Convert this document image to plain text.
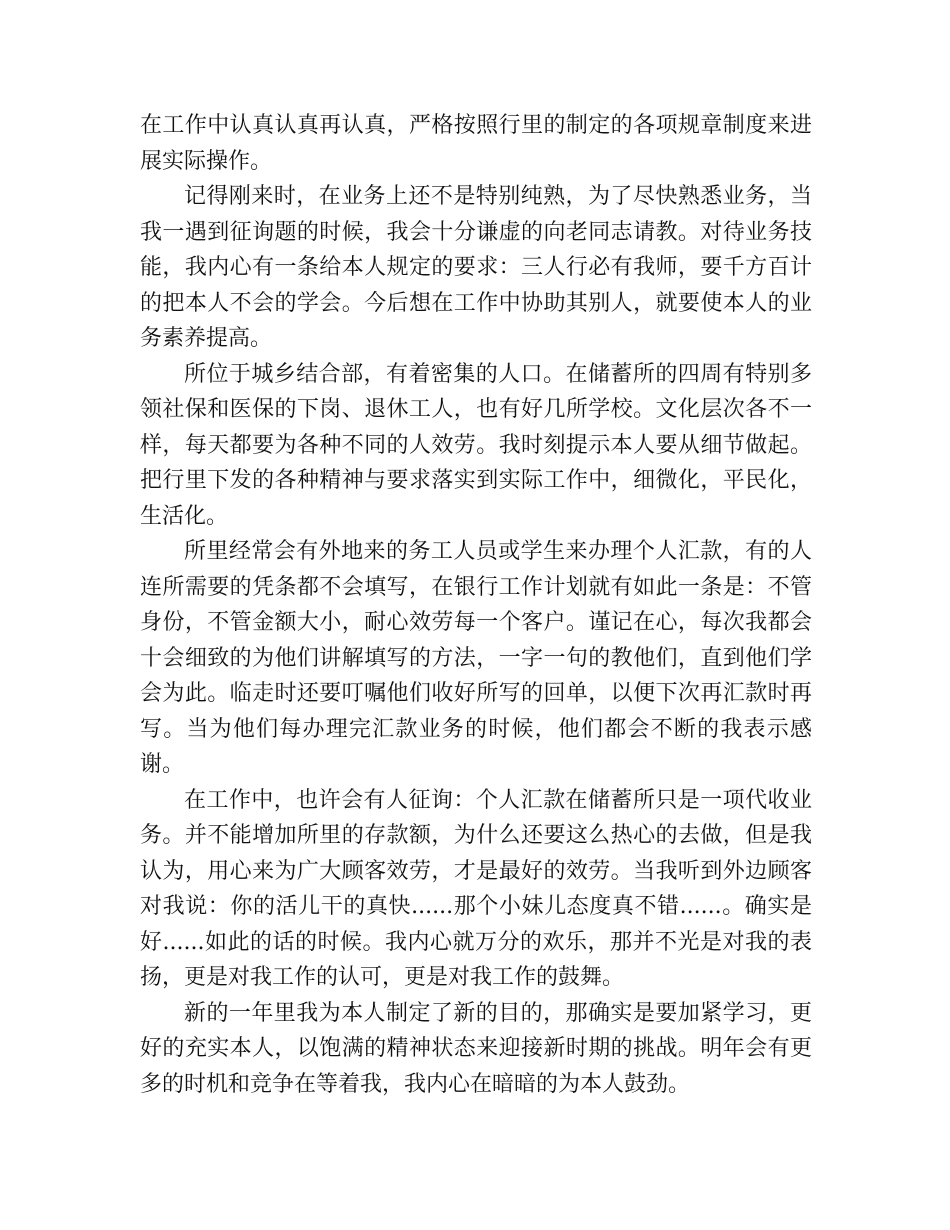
在工作中认真认真再认真，严格按照行里的制定的各项规章制度来进展实际操作。

记得刚来时，在业务上还不是特别纯熟，为了尽快熟悉业务，当我一遇到征询题的时候，我会十分谦虚的向老同志请教。对待业务技能，我内心有一条给本人规定的要求：三人行必有我师，要千方百计的把本人不会的学会。今后想在工作中协助其别人，就要使本人的业务素养提高。

所位于城乡结合部，有着密集的人口。在储蓄所的四周有特别多领社保和医保的下岗、退休工人，也有好几所学校。文化层次各不一样，每天都要为各种不同的人效劳。我时刻提示本人要从细节做起。把行里下发的各种精神与要求落实到实际工作中，细微化，平民化，生活化。

所里经常会有外地来的务工人员或学生来办理个人汇款，有的人连所需要的凭条都不会填写，在银行工作计划就有如此一条是：不管身份，不管金额大小，耐心效劳每一个客户。谨记在心，每次我都会十会细致的为他们讲解填写的方法，一字一句的教他们，直到他们学会为此。临走时还要叮嘱他们收好所写的回单，以便下次再汇款时再写。当为他们每办理完汇款业务的时候，他们都会不断的我表示感谢。

在工作中，也许会有人征询：个人汇款在储蓄所只是一项代收业务。并不能增加所里的存款额，为什么还要这么热心的去做，但是我认为，用心来为广大顾客效劳，才是最好的效劳。当我听到外边顾客对我说：你的活儿干的真快......那个小妹儿态度真不错......。确实是好......如此的话的时候。我内心就万分的欢乐，那并不光是对我的表扬，更是对我工作的认可，更是对我工作的鼓舞。

新的一年里我为本人制定了新的目的，那确实是要加紧学习，更好的充实本人，以饱满的精神状态来迎接新时期的挑战。明年会有更多的时机和竞争在等着我，我内心在暗暗的为本人鼓劲。
